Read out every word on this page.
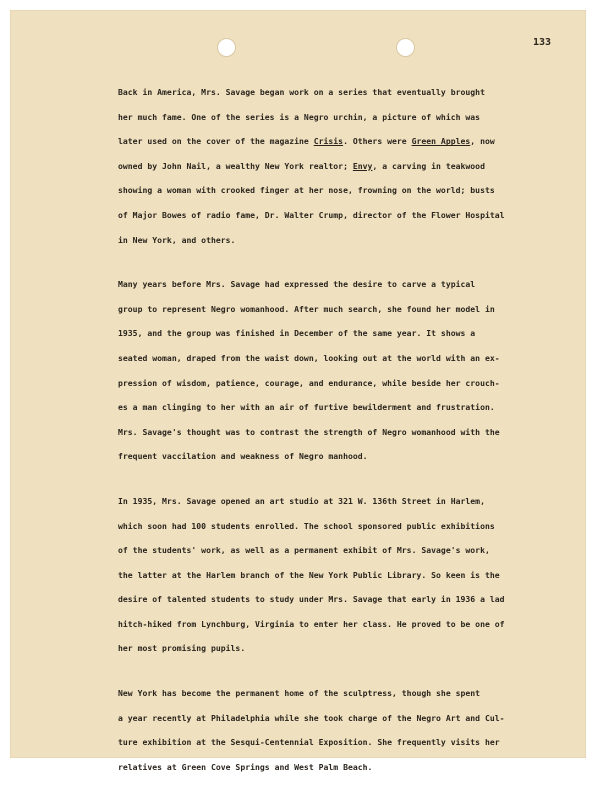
133
Back in America, Mrs. Savage began work on a series that eventually brought
her much fame. One of the series is a Negro urchin, a picture of which was
later used on the cover of the magazine Crisis. Others were Green Apples, now
owned by John Nail, a wealthy New York realtor; Envy, a carving in teakwood
showing a woman with crooked finger at her nose, frowning on the world; busts
of Major Bowes of radio fame, Dr. Walter Crump, director of the Flower Hospital
in New York, and others.
Many years before Mrs. Savage had expressed the desire to carve a typical
group to represent Negro womanhood. After much search, she found her model in
1935, and the group was finished in December of the same year. It shows a
seated woman, draped from the waist down, looking out at the world with an ex-
pression of wisdom, patience, courage, and endurance, while beside her crouch-
es a man clinging to her with an air of furtive bewilderment and frustration.
Mrs. Savage's thought was to contrast the strength of Negro womanhood with the
frequent vaccilation and weakness of Negro manhood.
In 1935, Mrs. Savage opened an art studio at 321 W. 136th Street in Harlem,
which soon had 100 students enrolled. The school sponsored public exhibitions
of the students' work, as well as a permanent exhibit of Mrs. Savage's work,
the latter at the Harlem branch of the New York Public Library. So keen is the
desire of talented students to study under Mrs. Savage that early in 1936 a lad
hitch-hiked from Lynchburg, Virginia to enter her class. He proved to be one of
her most promising pupils.
New York has become the permanent home of the sculptress, though she spent
a year recently at Philadelphia while she took charge of the Negro Art and Cul-
ture exhibition at the Sesqui-Centennial Exposition. She frequently visits her
relatives at Green Cove Springs and West Palm Beach.
